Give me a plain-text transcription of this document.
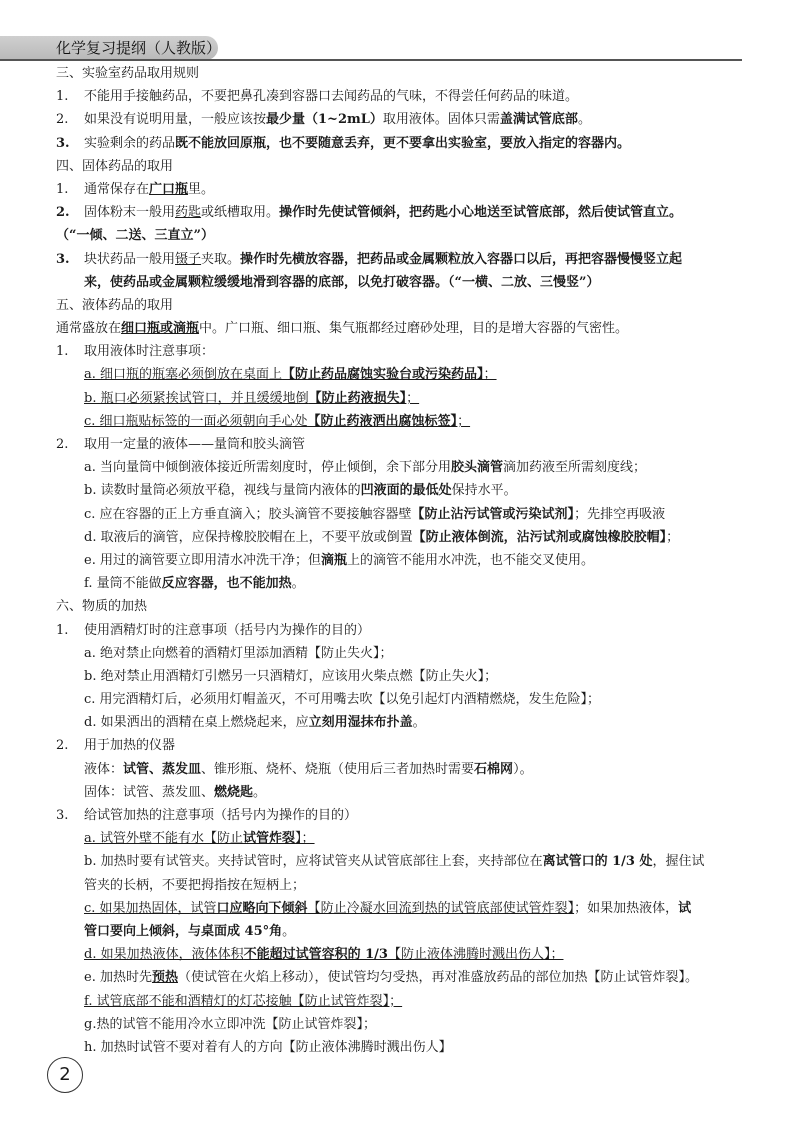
化学复习提纲（人教版）
三、实验室药品取用规则
1. 不能用手接触药品，不要把鼻孔凑到容器口去闻药品的气味，不得尝任何药品的味道。
2. 如果没有说明用量，一般应该按最少量（1~2mL）取用液体。固体只需盖满试管底部。
3. 实验剩余的药品既不能放回原瓶，也不要随意丢弃，更不要拿出实验室，要放入指定的容器内。
四、固体药品的取用
1. 通常保存在广口瓶里。
2. 固体粉末一般用药匙或纸槽取用。操作时先使试管倾斜，把药匙小心地送至试管底部，然后使试管直立。
（“一倾、二送、三直立”）
3. 块状药品一般用镊子夹取。操作时先横放容器，把药品或金属颗粒放入容器口以后，再把容器慢慢竖立起
来，使药品或金属颗粒缓缓地滑到容器的底部，以免打破容器。（“一横、二放、三慢竖”）
五、液体药品的取用
通常盛放在细口瓶或滴瓶中。广口瓶、细口瓶、集气瓶都经过磨砂处理，目的是增大容器的气密性。
1. 取用液体时注意事项：
a. 细口瓶的瓶塞必须倒放在桌面上【防止药品腐蚀实验台或污染药品】；
b. 瓶口必须紧挨试管口，并且缓缓地倒【防止药液损失】；
c. 细口瓶贴标签的一面必须朝向手心处【防止药液洒出腐蚀标签】；
2. 取用一定量的液体——量筒和胶头滴管
a. 当向量筒中倾倒液体接近所需刻度时，停止倾倒，余下部分用胶头滴管滴加药液至所需刻度线；
b. 读数时量筒必须放平稳，视线与量筒内液体的凹液面的最低处保持水平。
c. 应在容器的正上方垂直滴入；胶头滴管不要接触容器壁【防止沾污试管或污染试剂】；先排空再吸液
d. 取液后的滴管，应保持橡胶胶帽在上，不要平放或倒置【防止液体倒流，沾污试剂或腐蚀橡胶胶帽】；
e. 用过的滴管要立即用清水冲洗干净；但滴瓶上的滴管不能用水冲洗，也不能交叉使用。
f. 量筒不能做反应容器，也不能加热。
六、物质的加热
1. 使用酒精灯时的注意事项（括号内为操作的目的）
a. 绝对禁止向燃着的酒精灯里添加酒精【防止失火】；
b. 绝对禁止用酒精灯引燃另一只酒精灯，应该用火柴点燃【防止失火】；
c. 用完酒精灯后，必须用灯帽盖灭，不可用嘴去吹【以免引起灯内酒精燃烧，发生危险】；
d. 如果洒出的酒精在桌上燃烧起来，应立刻用湿抹布扑盖。
2. 用于加热的仪器
液体：试管、蒸发皿、锥形瓶、烧杯、烧瓶（使用后三者加热时需要石棉网）。
固体：试管、蒸发皿、燃烧匙。
3. 给试管加热的注意事项（括号内为操作的目的）
a. 试管外壁不能有水【防止试管炸裂】；
b. 加热时要有试管夹。夹持试管时，应将试管夹从试管底部往上套，夹持部位在离试管口的 1/3 处，握住试
管夹的长柄，不要把拇指按在短柄上；
c. 如果加热固体，试管口应略向下倾斜【防止冷凝水回流到热的试管底部使试管炸裂】；如果加热液体，试
管口要向上倾斜，与桌面成 45°角。
d. 如果加热液体，液体体积不能超过试管容积的 1/3【防止液体沸腾时溅出伤人】；
e. 加热时先预热（使试管在火焰上移动），使试管均匀受热，再对准盛放药品的部位加热【防止试管炸裂】。
f. 试管底部不能和酒精灯的灯芯接触【防止试管炸裂】；
g.热的试管不能用冷水立即冲洗【防止试管炸裂】；
h. 加热时试管不要对着有人的方向【防止液体沸腾时溅出伤人】
2
